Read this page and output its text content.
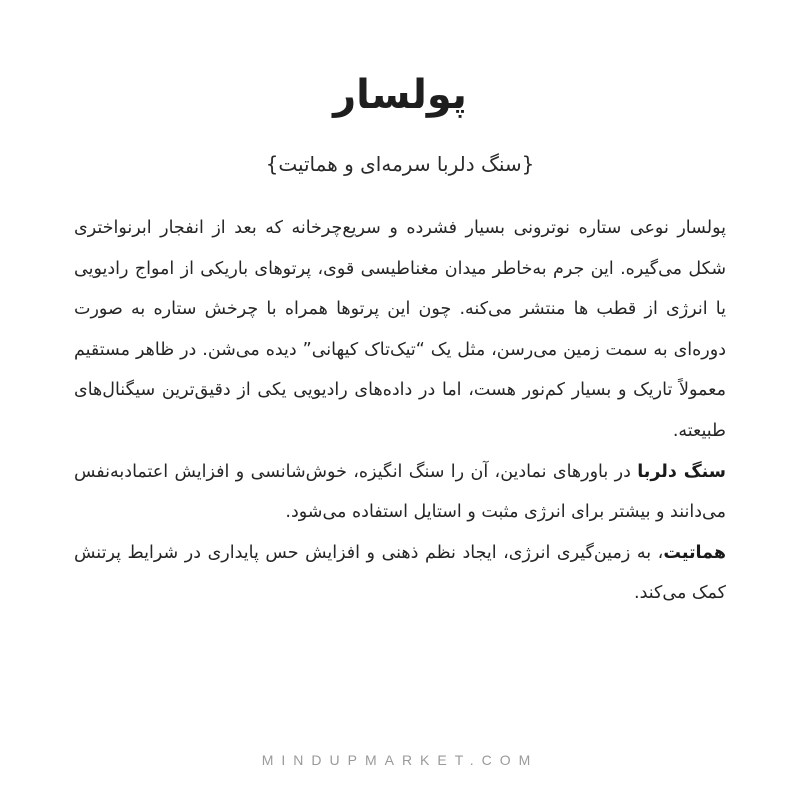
پولسار
{سنگ دلربا سرمه‌ای و هماتیت}

پولسار نوعی ستاره نوترونی بسیار فشرده و سریع‌چرخانه که بعد از انفجار ابرنواختری شکل می‌گیره. این جرم به‌خاطر میدان مغناطیسی قوی، پرتوهای باریکی از امواج رادیویی یا انرژی از قطب ها منتشر می‌کنه. چون این پرتوها همراه با چرخش ستاره به صورت دوره‌ای به سمت زمین می‌رسن، مثل یک “تیک‌تاک کیهانی” دیده می‌شن. در ظاهر مستقیم معمولاً تاریک و بسیار کم‌نور هست، اما در داده‌های رادیویی یکی از دقیق‌ترین سیگنال‌های طبیعته.

سنگ دلربا در باورهای نمادین، آن را سنگ انگیزه، خوش‌شانسی و افزایش اعتمادبه‌نفس می‌دانند و بیشتر برای انرژی مثبت و استایل استفاده می‌شود.

هماتیت، به زمین‌گیری انرژی، ایجاد نظم ذهنی و افزایش حس پایداری در شرایط پرتنش کمک می‌کند.

MINDUPMARKET.COM
